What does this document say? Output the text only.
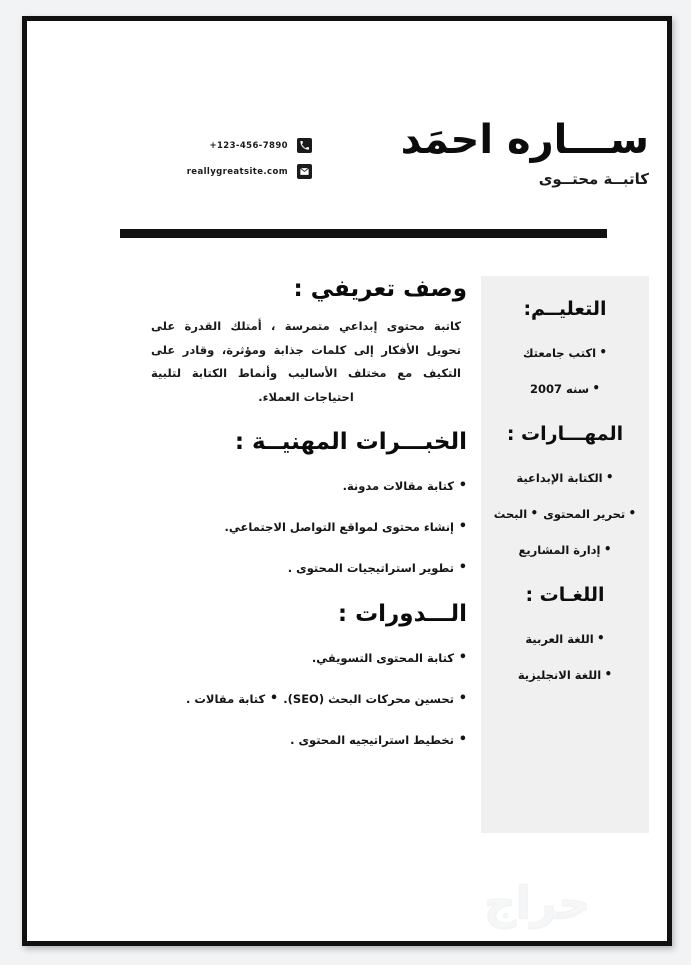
+123-456-7890
reallygreatsite.com
ســـاره احمَد
كاتبــة محتــوى
التعليــم:
• اكتب جامعتك • سنه 2007
المهـــارات :
• الكتابة الإبداعية • تحرير المحتوى • البحث • إدارة المشاريع
اللغـات :
• اللغة العربية • اللغة الانجليزية
وصف تعريفي :
كاتبة محتوى إبداعي متمرسة ، أمتلك القدرة على تحويل الأفكار إلى كلمات جذابة ومؤثرة، وقادر على التكيف مع مختلف الأساليب وأنماط الكتابة لتلبية احتياجات العملاء.
الخبـــرات المهنيــة :
• كتابة مقالات مدونة. • إنشاء محتوى لمواقع التواصل الاجتماعي. • تطوير استراتيجيات المحتوى .
الـــدورات :
• كتابة المحتوى التسويقي. • تحسين محركات البحث (SEO). • كتابة مقالات . • تخطيط استراتيجيه المحتوى .
حراج
